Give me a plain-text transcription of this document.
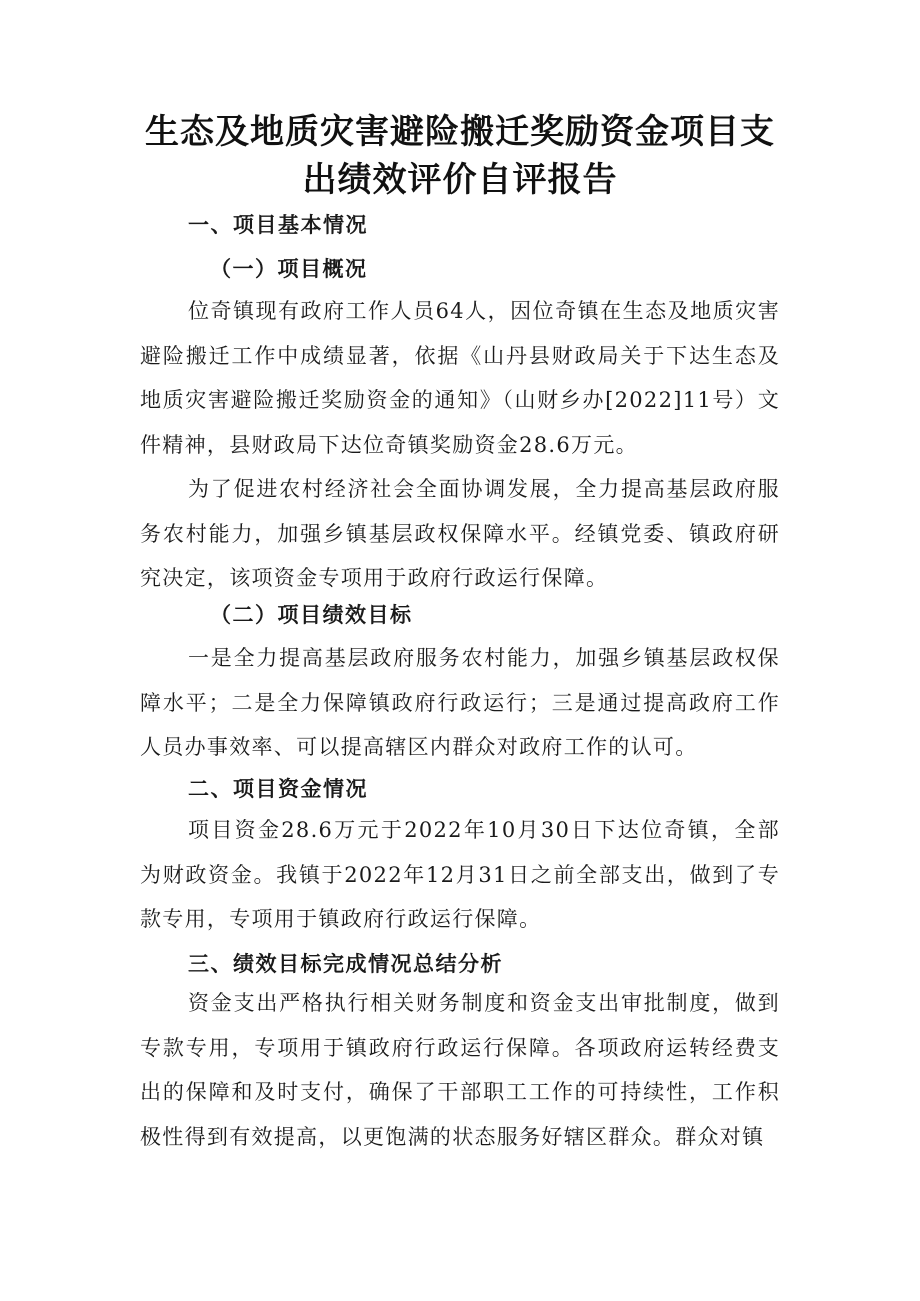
生态及地质灾害避险搬迁奖励资金项目支
出绩效评价自评报告
一、项目基本情况
（一）项目概况

位奇镇现有政府工作人员64人，因位奇镇在生态及地质灾害避险搬迁工作中成绩显著，依据《山丹县财政局关于下达生态及地质灾害避险搬迁奖励资金的通知》（山财乡办[2022]11号）文件精神，县财政局下达位奇镇奖励资金28.6万元。

为了促进农村经济社会全面协调发展，全力提高基层政府服务农村能力，加强乡镇基层政权保障水平。经镇党委、镇政府研究决定，该项资金专项用于政府行政运行保障。

（二）项目绩效目标

一是全力提高基层政府服务农村能力，加强乡镇基层政权保障水平；二是全力保障镇政府行政运行；三是通过提高政府工作人员办事效率、可以提高辖区内群众对政府工作的认可。

二、项目资金情况

项目资金28.6万元于2022年10月30日下达位奇镇，全部为财政资金。我镇于2022年12月31日之前全部支出，做到了专款专用，专项用于镇政府行政运行保障。

三、绩效目标完成情况总结分析

资金支出严格执行相关财务制度和资金支出审批制度，做到专款专用，专项用于镇政府行政运行保障。各项政府运转经费支出的保障和及时支付，确保了干部职工工作的可持续性，工作积极性得到有效提高，以更饱满的状态服务好辖区群众。群众对镇
